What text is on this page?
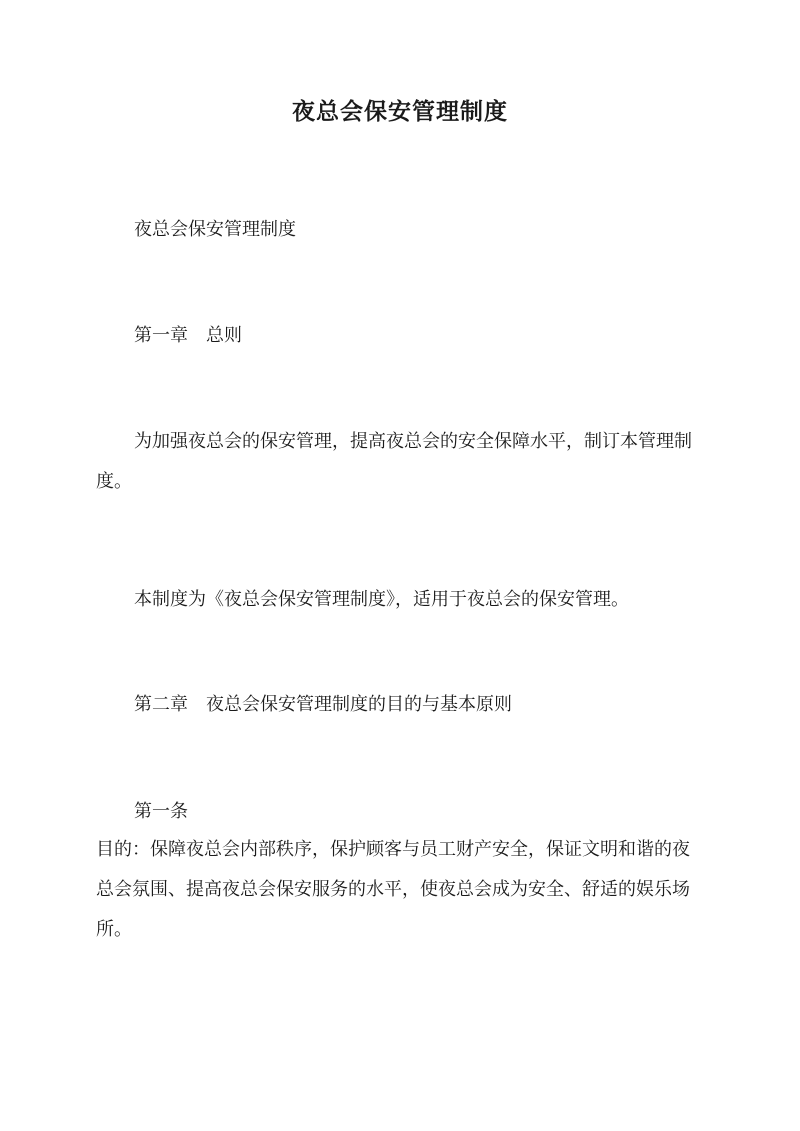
夜总会保安管理制度

夜总会保安管理制度

第一章　总则

为加强夜总会的保安管理，提高夜总会的安全保障水平，制订本管理制度。

本制度为《夜总会保安管理制度》，适用于夜总会的保安管理。

第二章　夜总会保安管理制度的目的与基本原则

第一条

目的：保障夜总会内部秩序，保护顾客与员工财产安全，保证文明和谐的夜总会氛围、提高夜总会保安服务的水平，使夜总会成为安全、舒适的娱乐场所。
